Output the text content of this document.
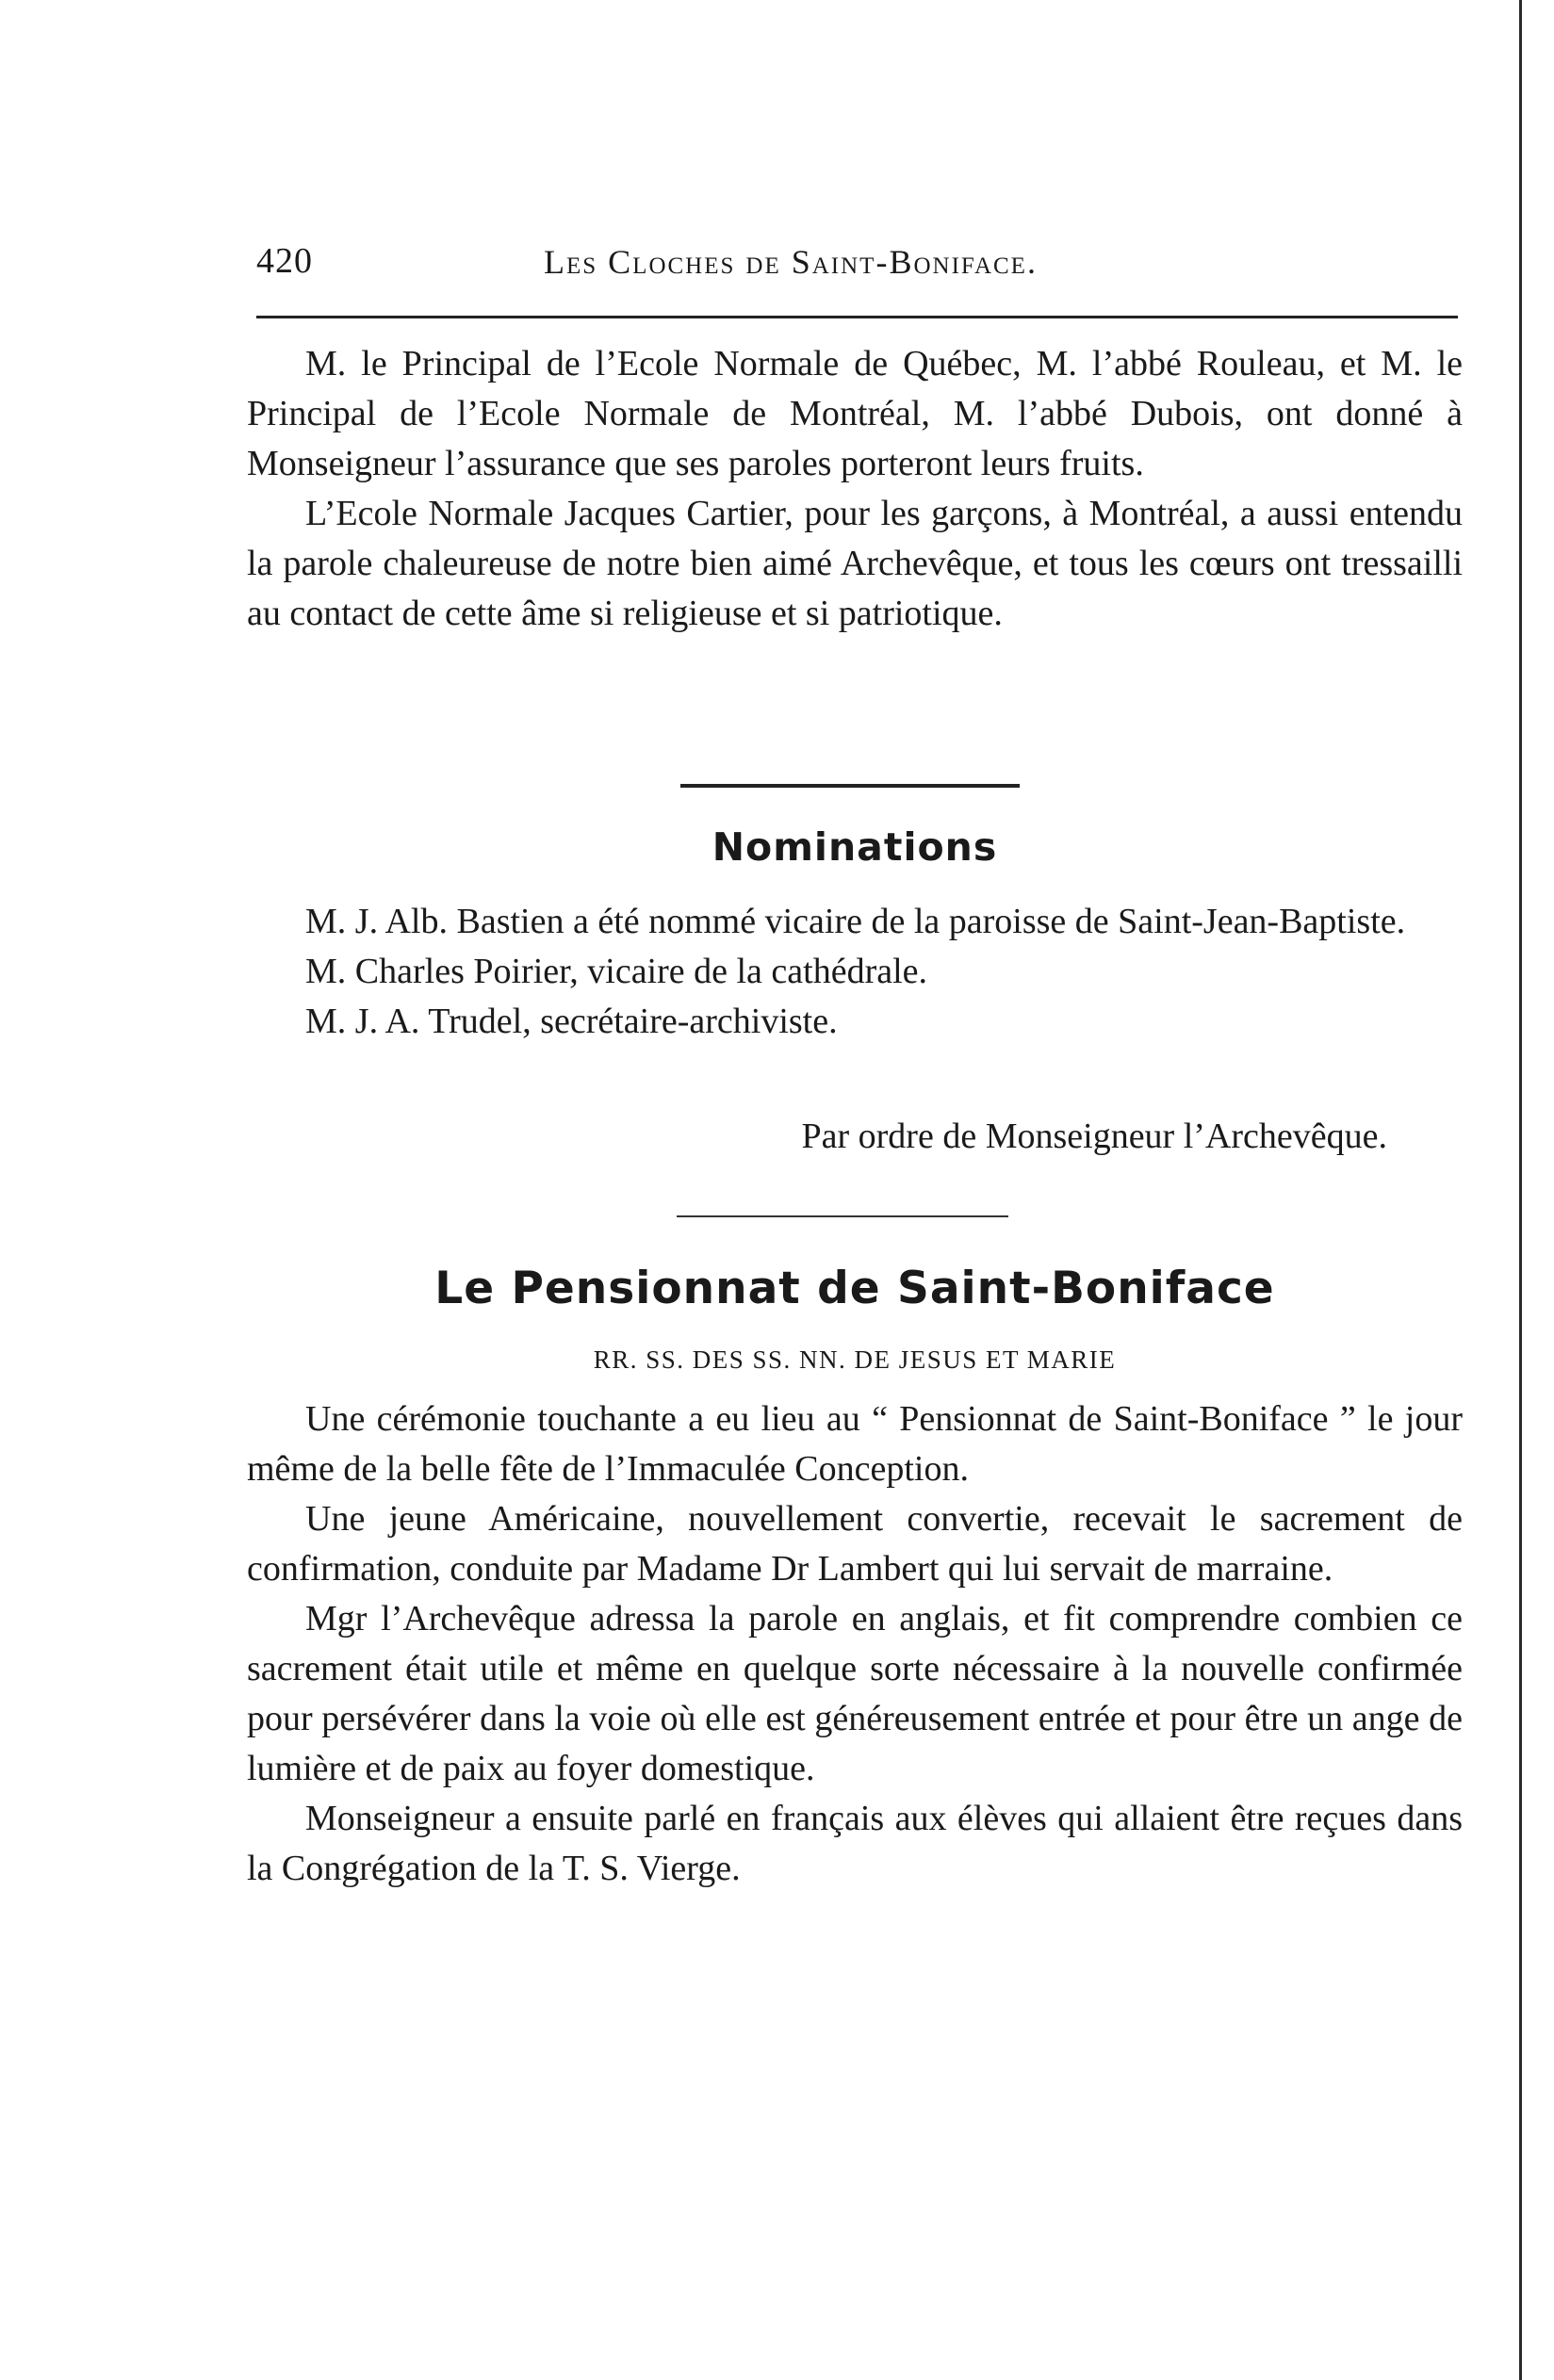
420	Les Cloches de Saint-Boniface.

M. le Principal de l’Ecole Normale de Québec, M. l’abbé Rouleau, et M. le Principal de l’Ecole Normale de Montréal, M. l’abbé Dubois, ont donné à Monseigneur l’assurance que ses paroles porteront leurs fruits.

L’Ecole Normale Jacques Cartier, pour les garçons, à Montréal, a aussi entendu la parole chaleureuse de notre bien aimé Archevêque, et tous les cœurs ont tressailli au contact de cette âme si religieuse et si patriotique.

Nominations

M. J. Alb. Bastien a été nommé vicaire de la paroisse de Saint-Jean-Baptiste.

M. Charles Poirier, vicaire de la cathédrale.

M. J. A. Trudel, secrétaire-archiviste.

Par ordre de Monseigneur l’Archevêque.
Le Pensionnat de Saint-Boniface
RR. SS. DES SS. NN. DE JESUS ET MARIE

Une cérémonie touchante a eu lieu au “ Pensionnat de Saint-Boniface ” le jour même de la belle fête de l’Immaculée Conception.

Une jeune Américaine, nouvellement convertie, recevait le sacrement de confirmation, conduite par Madame Dr Lambert qui lui servait de marraine.

Mgr l’Archevêque adressa la parole en anglais, et fit comprendre combien ce sacrement était utile et même en quelque sorte nécessaire à la nouvelle confirmée pour persévérer dans la voie où elle est généreusement entrée et pour être un ange de lumière et de paix au foyer domestique.

Monseigneur a ensuite parlé en français aux élèves qui allaient être reçues dans la Congrégation de la T. S. Vierge.
